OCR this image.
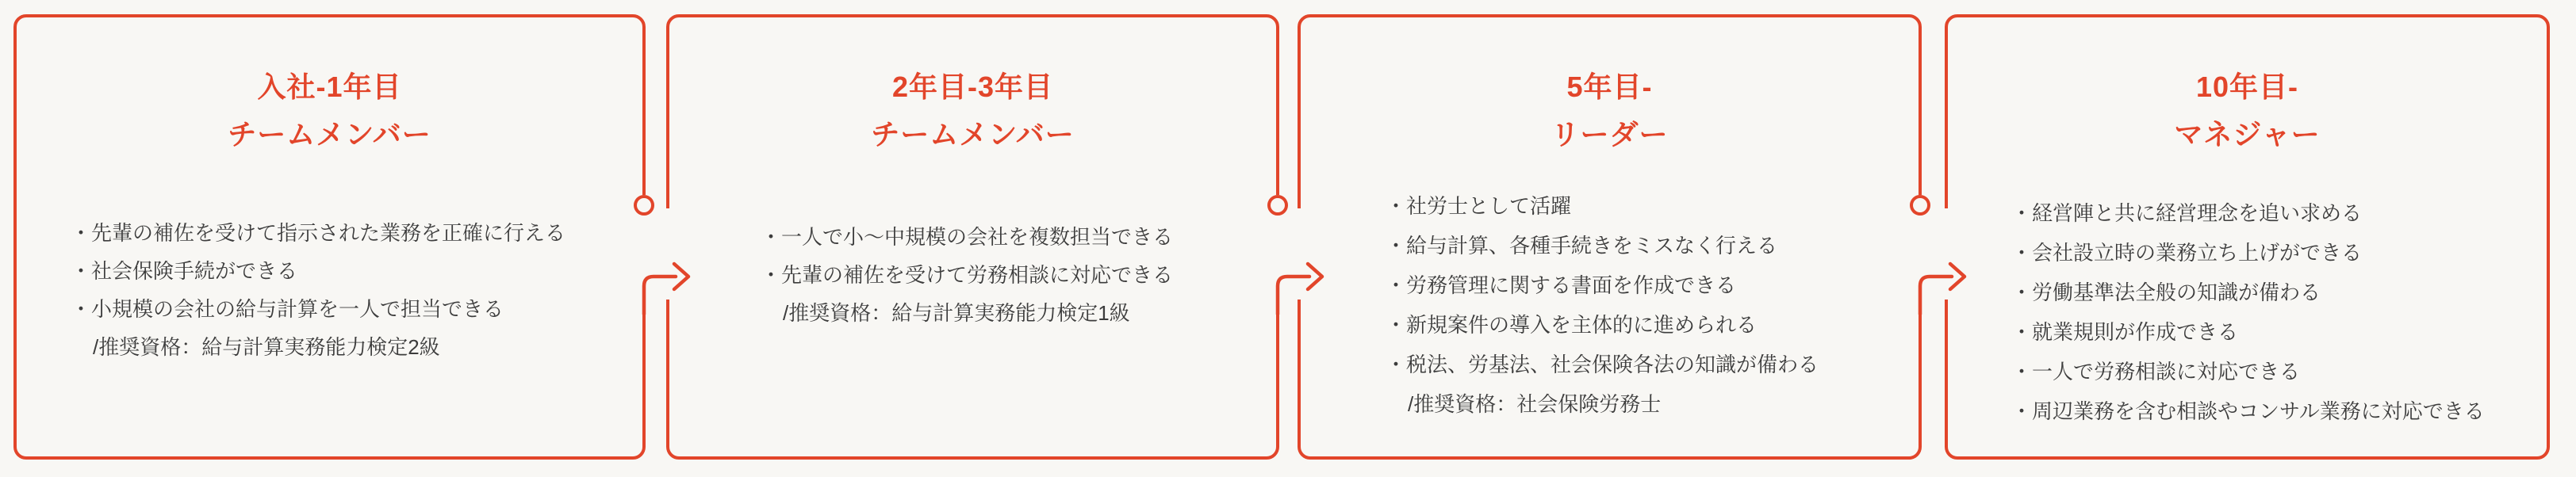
入社-1年目
チームメンバー
・先輩の補佐を受けて指示された業務を正確に行える
・社会保険手続ができる
・小規模の会社の給与計算を一人で担当できる
/推奨資格：給与計算実務能力検定2級
2年目-3年目
チームメンバー
・一人で小〜中規模の会社を複数担当できる
・先輩の補佐を受けて労務相談に対応できる
/推奨資格：給与計算実務能力検定1級
5年目-
リーダー
・社労士として活躍
・給与計算、各種手続きをミスなく行える
・労務管理に関する書面を作成できる
・新規案件の導入を主体的に進められる
・税法、労基法、社会保険各法の知識が備わる
/推奨資格：社会保険労務士
10年目-
マネジャー
・経営陣と共に経営理念を追い求める
・会社設立時の業務立ち上げができる
・労働基準法全般の知識が備わる
・就業規則が作成できる
・一人で労務相談に対応できる
・周辺業務を含む相談やコンサル業務に対応できる
